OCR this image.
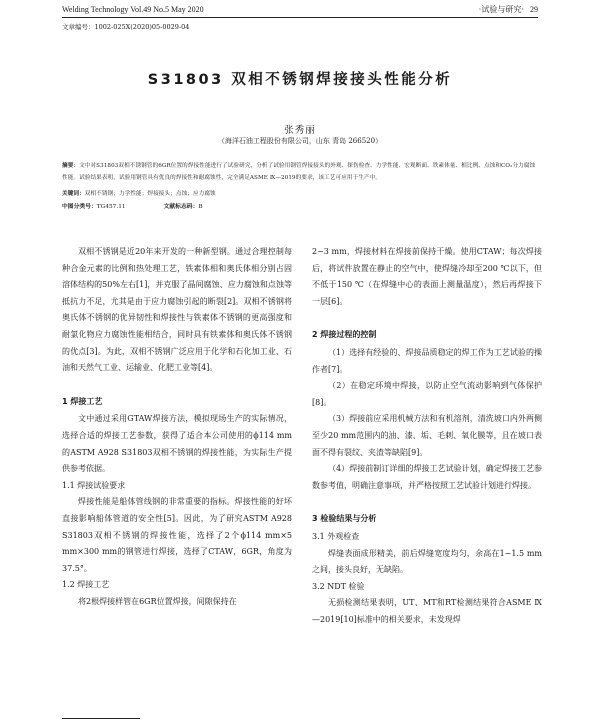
Welding Technology Vol.49 No.5 May 2020	·试验与研究· 29
文章编号：1002-025X(2020)05-0029-04
S31803 双相不锈钢焊接接头性能分析
张秀丽
（海洋石油工程股份有限公司，山东 青岛 266520）

摘要：文中对S31803双相不锈钢管的6GR位置的焊接性能进行了试验研究，分析了试验用钢管焊接接头的外观、探伤检查、力学性能、宏观断面、铁素体量、相比例、点蚀和CO₂分力腐蚀性能。试验结果表明，试验用钢管具有优良的焊接性和耐腐蚀性，完全满足ASME Ⅸ—2019的要求，该工艺可应用于生产中。

关键词：双相不锈钢；力学性能；焊接接头；点蚀；应力腐蚀

中图分类号：TG457.11	文献标志码：B

双相不锈钢是近20年来开发的一种新型钢。通过合理控制每种合金元素的比例和热处理工艺，铁素体相和奥氏体相分别占固溶体结构的50%左右[1]，并克服了晶间腐蚀、应力腐蚀和点蚀等抵抗力不足，尤其是由于应力腐蚀引起的断裂[2]。双相不锈钢将奥氏体不锈钢的优异韧性和焊接性与铁素体不锈钢的更高强度和耐氯化物应力腐蚀性能相结合，同时具有铁素体和奥氏体不锈钢的优点[3]。为此，双相不锈钢广泛应用于化学和石化加工业、石油和天然气工业、运输业、化肥工业等[4]。

1 焊接工艺

文中通过采用GTAW焊接方法，模拟现场生产的实际情况，选择合适的焊接工艺参数，获得了适合本公司使用的ϕ114 mm的ASTM A928 S31803双相不锈钢的焊接性能，为实际生产提供参考依据。

1.1 焊接试验要求

焊接性能是船体管线钢的非常重要的指标。焊接性能的好坏直接影响船体管道的安全性[5]。因此，为了研究ASTM A928 S31803双相不锈钢的焊接性能，选择了2个ϕ114 mm×5 mm×300 mm的钢管进行焊接，选择了CTAW，6GR，角度为37.5°。

1.2 焊接工艺

将2根焊接样管在6GR位置焊接，间隙保持在

2~3 mm，焊接材料在焊接前保持干燥。使用CTAW；每次焊接后，将试件放置在静止的空气中，使焊缝冷却至200 ℃以下，但不低于150 ℃（在焊缝中心的表面上测量温度），然后再焊接下一层[6]。

2 焊接过程的控制

（1）选择有经验的、焊接品质稳定的焊工作为工艺试验的操作者[7]。

（2）在稳定环境中焊接，以防止空气流动影响到气体保护[8]。

（3）焊接前应采用机械方法和有机溶剂，清洗坡口内外两侧至少20 mm范围内的油、漆、垢、毛刺、氧化膜等，且在坡口表面不得有裂纹、夹渣等缺陷[9]。

（4）焊接前制订详细的焊接工艺试验计划，确定焊接工艺参数参考值，明确注意事项，并严格按照工艺试验计划进行焊接。

3 检验结果与分析

3.1 外观检查

焊缝表面成形精美，前后焊缝宽度均匀，余高在1~1.5 mm之间，接头良好，无缺陷。

3.2 NDT 检验

无损检测结果表明，UT、MT和RT检测结果符合ASME Ⅸ—2019[10]标准中的相关要求，未发现焊
